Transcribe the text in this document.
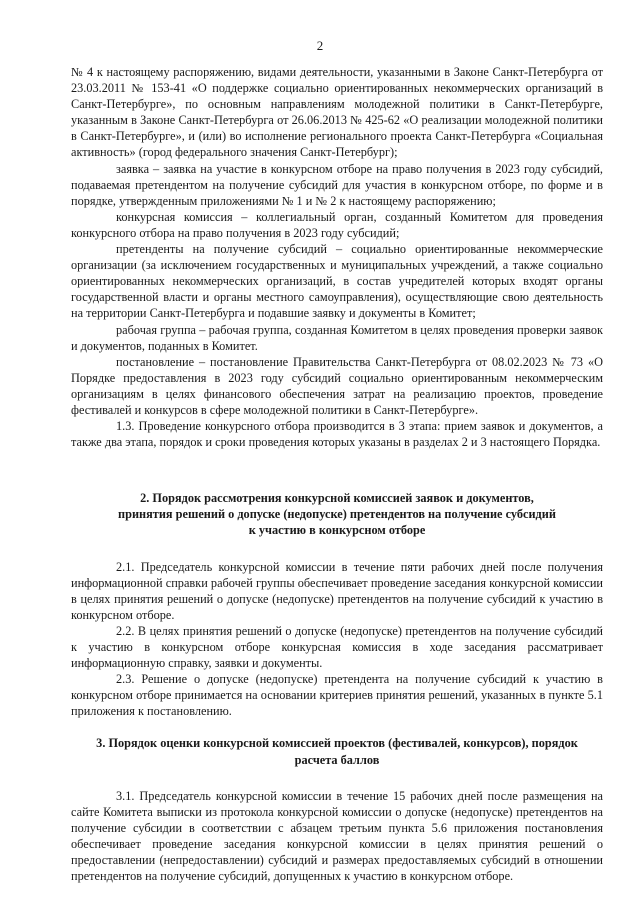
2

№ 4 к настоящему распоряжению, видами деятельности, указанными в Законе Санкт-Петербурга от 23.03.2011 № 153-41 «О поддержке социально ориентированных некоммерческих организаций в Санкт-Петербурге», по основным направлениям молодежной политики в Санкт-Петербурге, указанным в Законе Санкт-Петербурга от 26.06.2013 № 425-62 «О реализации молодежной политики в Санкт-Петербурге», и (или) во исполнение регионального проекта Санкт-Петербурга «Социальная активность» (город федерального значения Санкт-Петербург);

заявка – заявка на участие в конкурсном отборе на право получения в 2023 году субсидий, подаваемая претендентом на получение субсидий для участия в конкурсном отборе, по форме и в порядке, утвержденным приложениями № 1 и № 2 к настоящему распоряжению;

конкурсная комиссия – коллегиальный орган, созданный Комитетом для проведения конкурсного отбора на право получения в 2023 году субсидий;

претенденты на получение субсидий – социально ориентированные некоммерческие организации (за исключением государственных и муниципальных учреждений, а также социально ориентированных некоммерческих организаций, в состав учредителей которых входят органы государственной власти и органы местного самоуправления), осуществляющие свою деятельность на территории Санкт-Петербурга и подавшие заявку и документы в Комитет;

рабочая группа – рабочая группа, созданная Комитетом в целях проведения проверки заявок и документов, поданных в Комитет.

постановление – постановление Правительства Санкт-Петербурга от 08.02.2023 № 73 «О Порядке предоставления в 2023 году субсидий социально ориентированным некоммерческим организациям в целях финансового обеспечения затрат на реализацию проектов, проведение фестивалей и конкурсов в сфере молодежной политики в Санкт-Петербурге».

1.3. Проведение конкурсного отбора производится в 3 этапа: прием заявок и документов, а также два этапа, порядок и сроки проведения которых указаны в разделах 2 и 3 настоящего Порядка.

2. Порядок рассмотрения конкурсной комиссией заявок и документов,

принятия решений о допуске (недопуске) претендентов на получение субсидий

к участию в конкурсном отборе

2.1. Председатель конкурсной комиссии в течение пяти рабочих дней после получения информационной справки рабочей группы обеспечивает проведение заседания конкурсной комиссии в целях принятия решений о допуске (недопуске) претендентов на получение субсидий к участию в конкурсном отборе.

2.2. В целях принятия решений о допуске (недопуске) претендентов на получение субсидий к участию в конкурсном отборе конкурсная комиссия в ходе заседания рассматривает информационную справку, заявки и документы.

2.3. Решение о допуске (недопуске) претендента на получение субсидий к участию в конкурсном отборе принимается на основании критериев принятия решений, указанных в пункте 5.1 приложения к постановлению.

3. Порядок оценки конкурсной комиссией проектов (фестивалей, конкурсов), порядок

расчета баллов

3.1. Председатель конкурсной комиссии в течение 15 рабочих дней после размещения на сайте Комитета выписки из протокола конкурсной комиссии о допуске (недопуске) претендентов на получение субсидии в соответствии с абзацем третьим пункта 5.6 приложения постановления обеспечивает проведение заседания конкурсной комиссии в целях принятия решений о предоставлении (непредоставлении) субсидий и размерах предоставляемых субсидий в отношении претендентов на получение субсидий, допущенных к участию в конкурсном отборе.
